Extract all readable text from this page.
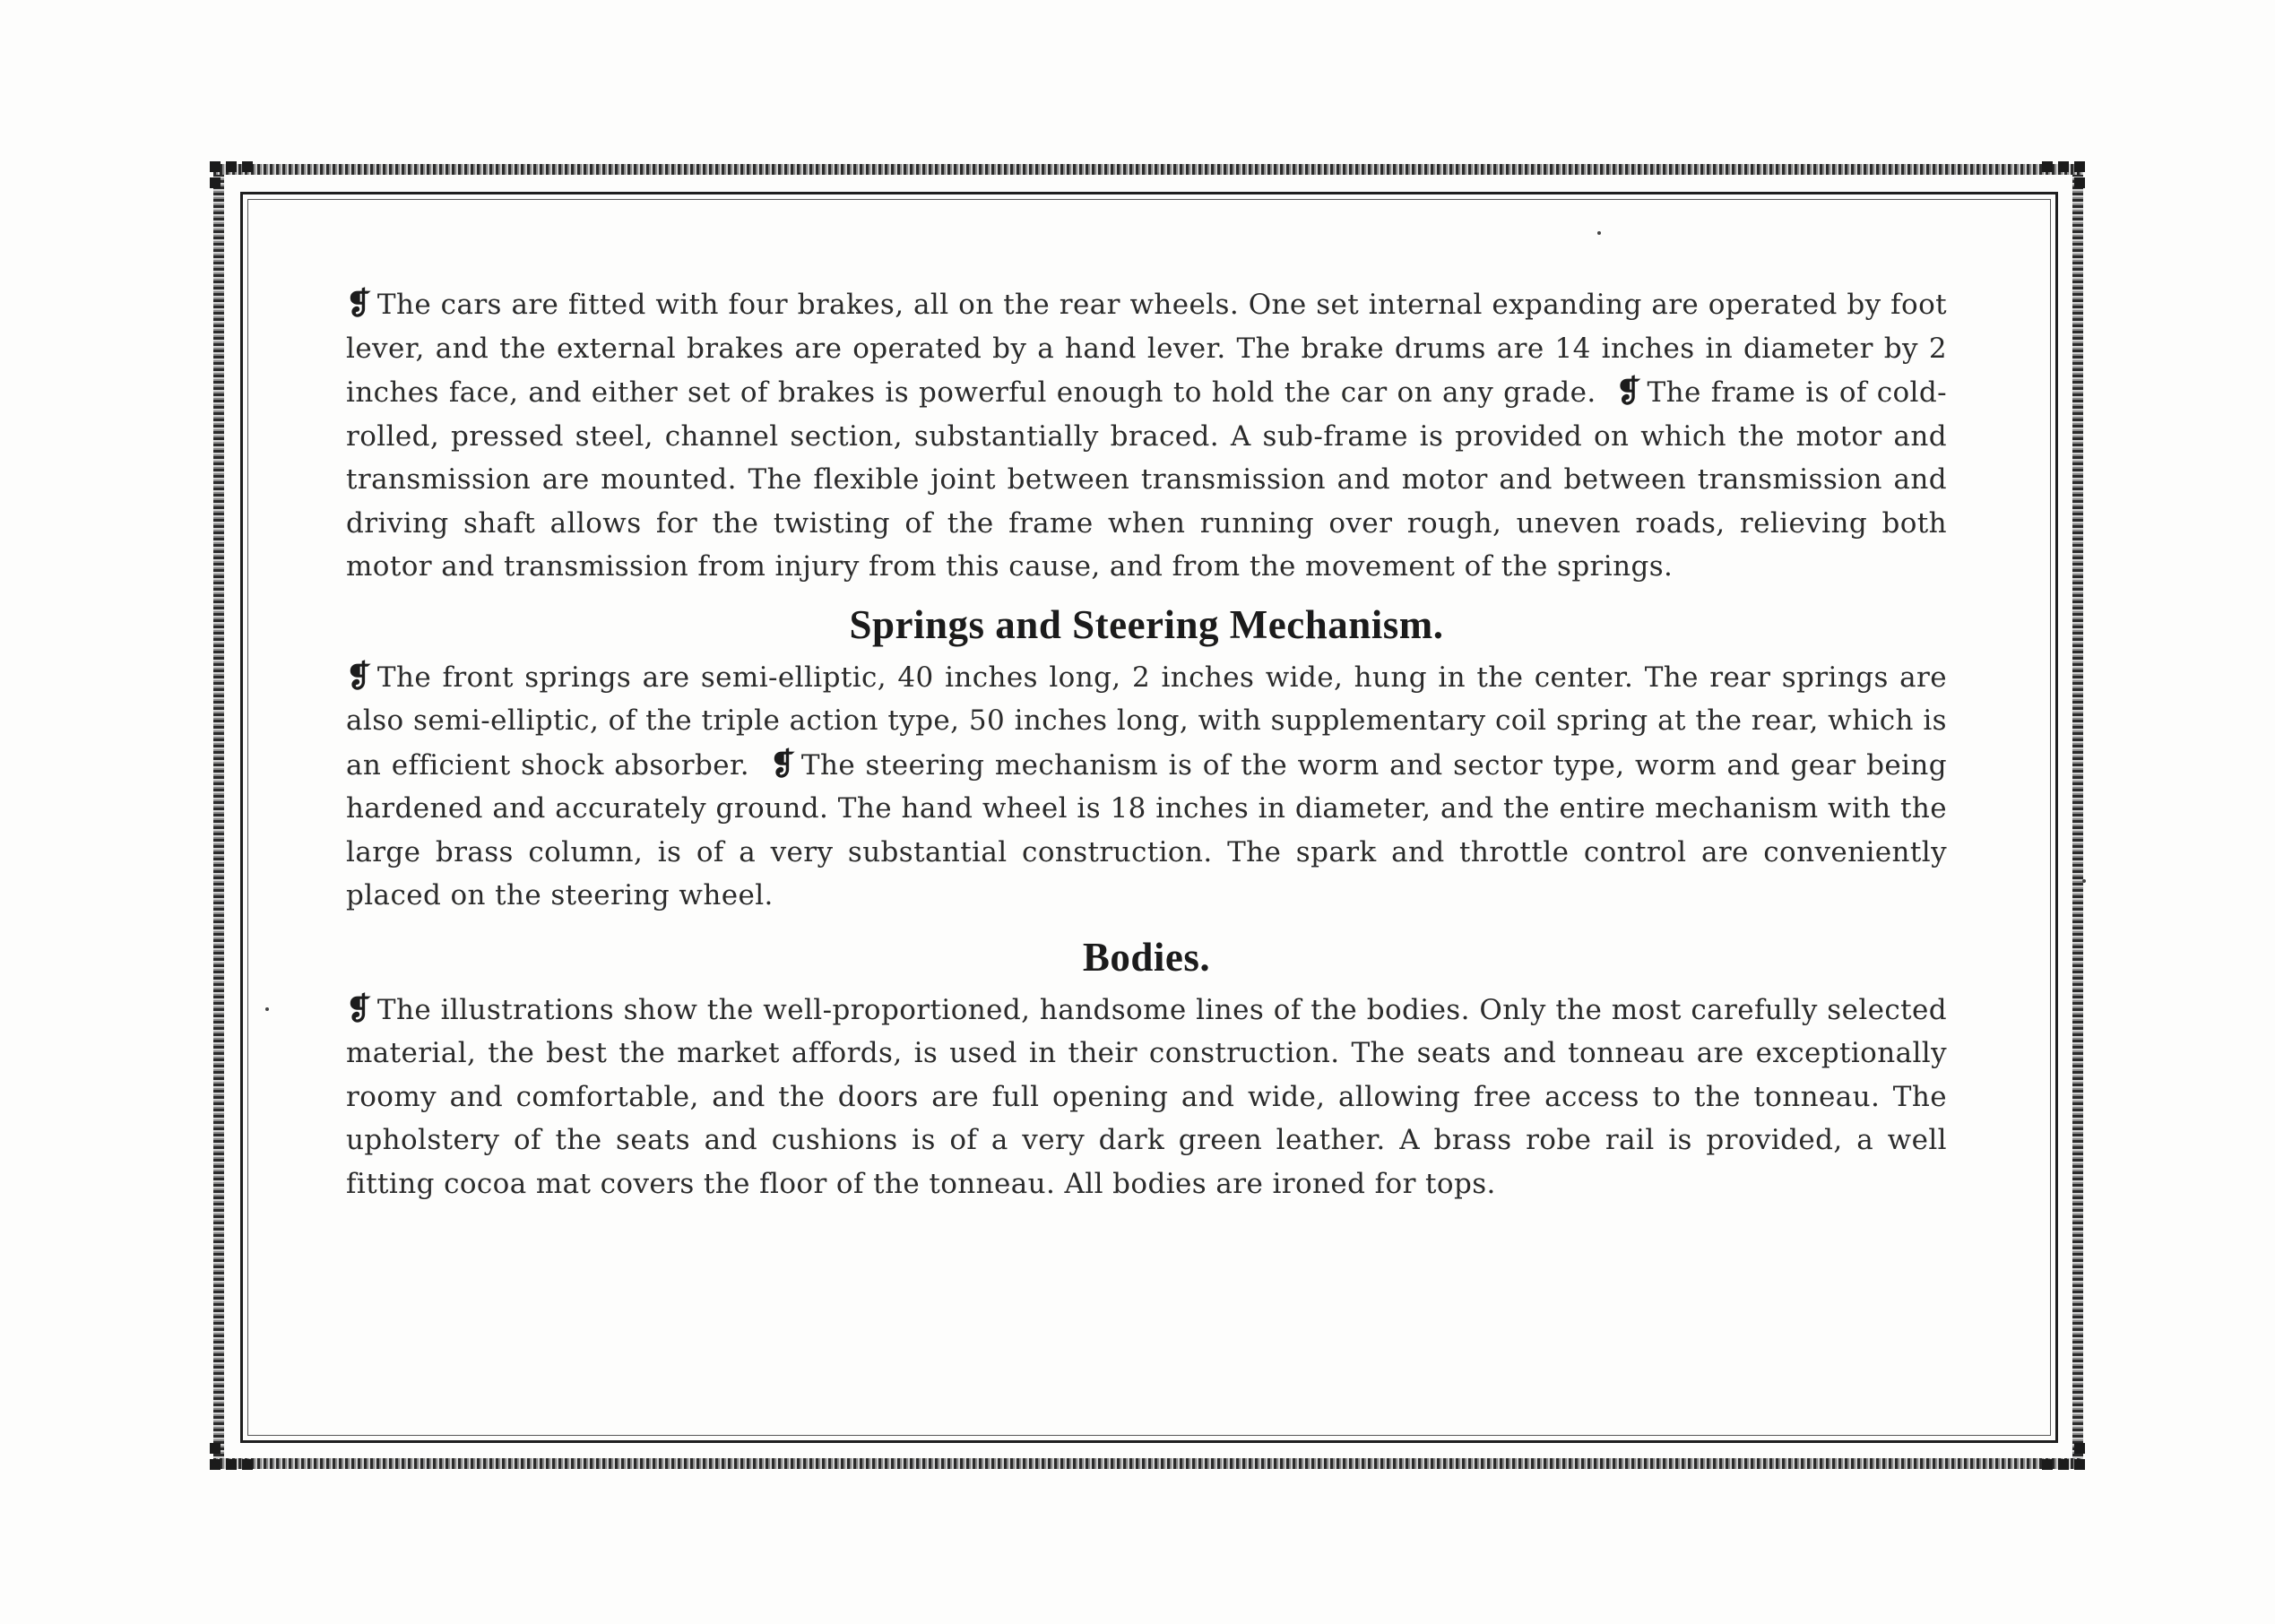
❡ The cars are fitted with four brakes, all on the rear wheels. One set internal expanding are operated by foot lever, and the external brakes are operated by a hand lever. The brake drums are 14 inches in diameter by 2 inches face, and either set of brakes is powerful enough to hold the car on any grade. ❡ The frame is of cold-rolled, pressed steel, channel section, substantially braced. A sub-frame is provided on which the motor and transmission are mounted. The flexible joint between transmission and motor and between transmission and driving shaft allows for the twisting of the frame when running over rough, uneven roads, relieving both motor and transmission from injury from this cause, and from the movement of the springs.

Springs and Steering Mechanism.

❡ The front springs are semi-elliptic, 40 inches long, 2 inches wide, hung in the center. The rear springs are also semi-elliptic, of the triple action type, 50 inches long, with supplementary coil spring at the rear, which is an efficient shock absorber. ❡ The steering mechanism is of the worm and sector type, worm and gear being hardened and accurately ground. The hand wheel is 18 inches in diameter, and the entire mechanism with the large brass column, is of a very substantial construction. The spark and throttle control are conveniently placed on the steering wheel.

Bodies.

❡ The illustrations show the well-proportioned, handsome lines of the bodies. Only the most carefully selected material, the best the market affords, is used in their construction. The seats and tonneau are exceptionally roomy and comfortable, and the doors are full opening and wide, allowing free access to the tonneau. The upholstery of the seats and cushions is of a very dark green leather. A brass robe rail is provided, a well fitting cocoa mat covers the floor of the tonneau. All bodies are ironed for tops.
